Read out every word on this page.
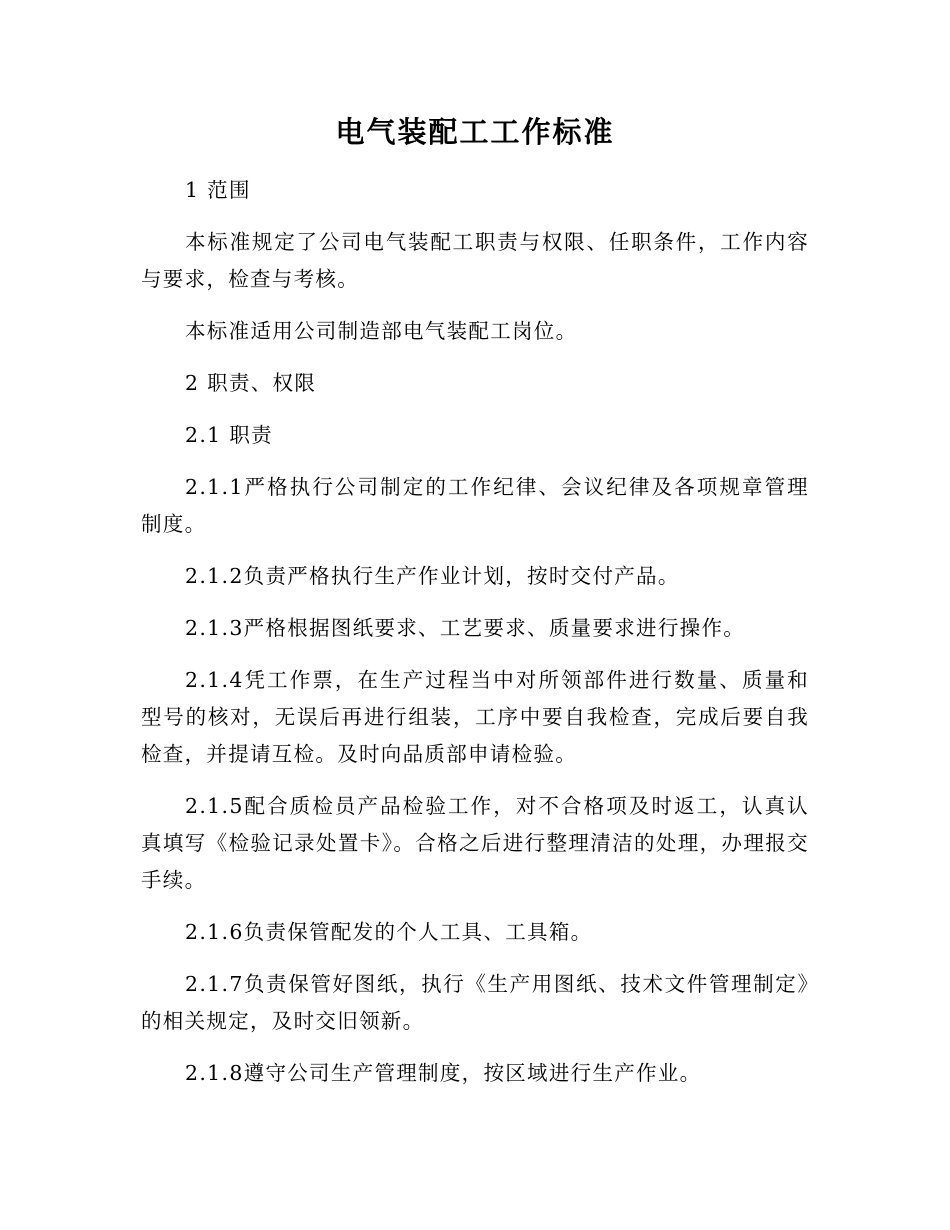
电气装配工工作标准

1 范围

本标准规定了公司电气装配工职责与权限、任职条件，工作内容与要求，检查与考核。

本标准适用公司制造部电气装配工岗位。

2 职责、权限

2.1 职责

2.1.1严格执行公司制定的工作纪律、会议纪律及各项规章管理制度。

2.1.2负责严格执行生产作业计划，按时交付产品。

2.1.3严格根据图纸要求、工艺要求、质量要求进行操作。

2.1.4凭工作票，在生产过程当中对所领部件进行数量、质量和型号的核对，无误后再进行组装，工序中要自我检查，完成后要自我检查，并提请互检。及时向品质部申请检验。

2.1.5配合质检员产品检验工作，对不合格项及时返工，认真认真填写《检验记录处置卡》。合格之后进行整理清洁的处理，办理报交手续。

2.1.6负责保管配发的个人工具、工具箱。

2.1.7负责保管好图纸，执行《生产用图纸、技术文件管理制定》的相关规定，及时交旧领新。

2.1.8遵守公司生产管理制度，按区域进行生产作业。
